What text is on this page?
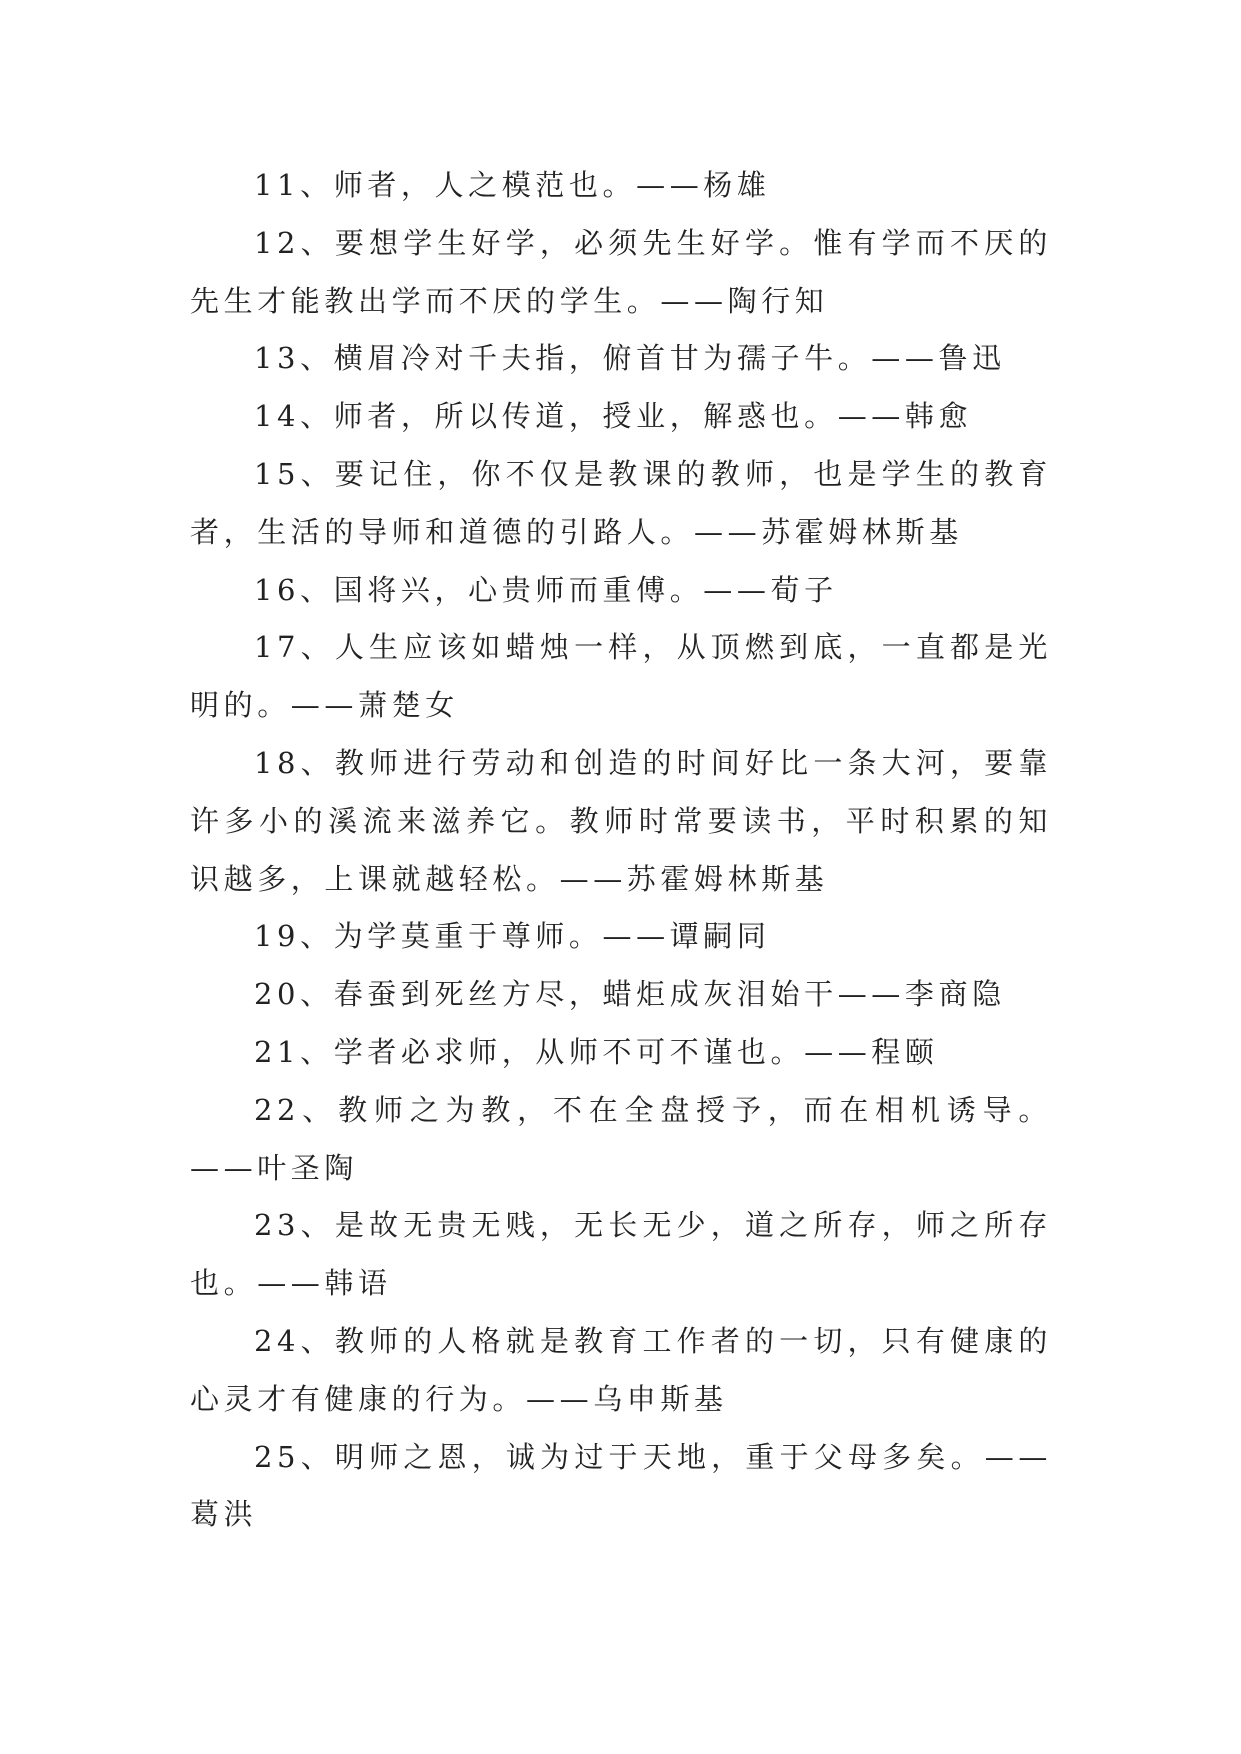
11、师者，人之模范也。——杨雄

12、要想学生好学，必须先生好学。惟有学而不厌的先生才能教出学而不厌的学生。——陶行知

13、横眉冷对千夫指，俯首甘为孺子牛。——鲁迅

14、师者，所以传道，授业，解惑也。——韩愈

15、要记住，你不仅是教课的教师，也是学生的教育者，生活的导师和道德的引路人。——苏霍姆林斯基

16、国将兴，心贵师而重傅。——荀子

17、人生应该如蜡烛一样，从顶燃到底，一直都是光明的。——萧楚女

18、教师进行劳动和创造的时间好比一条大河，要靠许多小的溪流来滋养它。教师时常要读书，平时积累的知识越多，上课就越轻松。——苏霍姆林斯基

19、为学莫重于尊师。——谭嗣同

20、春蚕到死丝方尽，蜡炬成灰泪始干——李商隐

21、学者必求师，从师不可不谨也。——程颐

22、教师之为教，不在全盘授予，而在相机诱导。——叶圣陶

23、是故无贵无贱，无长无少，道之所存，师之所存也。——韩语

24、教师的人格就是教育工作者的一切，只有健康的心灵才有健康的行为。——乌申斯基

25、明师之恩，诚为过于天地，重于父母多矣。——葛洪
